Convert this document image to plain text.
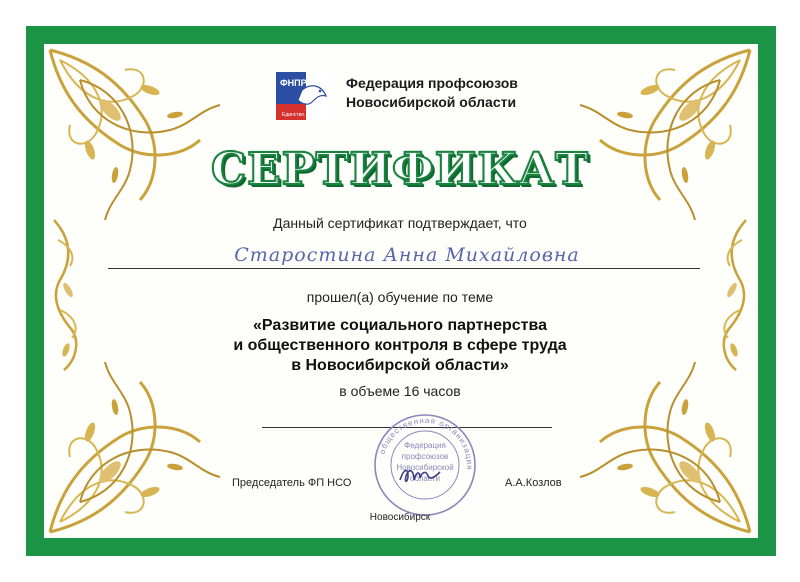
ФНПР
Единство. Солидарность.
Федерация профсоюзов
Новосибирской области
СЕРТИФИКАТ
Данный сертификат подтверждает, что
Старостина Анна Михайловна
прошел(а) обучение по теме
«Развитие социального партнерства
и общественного контроля в сфере труда
в Новосибирской области»
в объеме 16 часов
общественная организация
Федерация
профсоюзов
Новосибирской
области
Председатель ФП НСО	А.А.Козлов
Новосибирск
